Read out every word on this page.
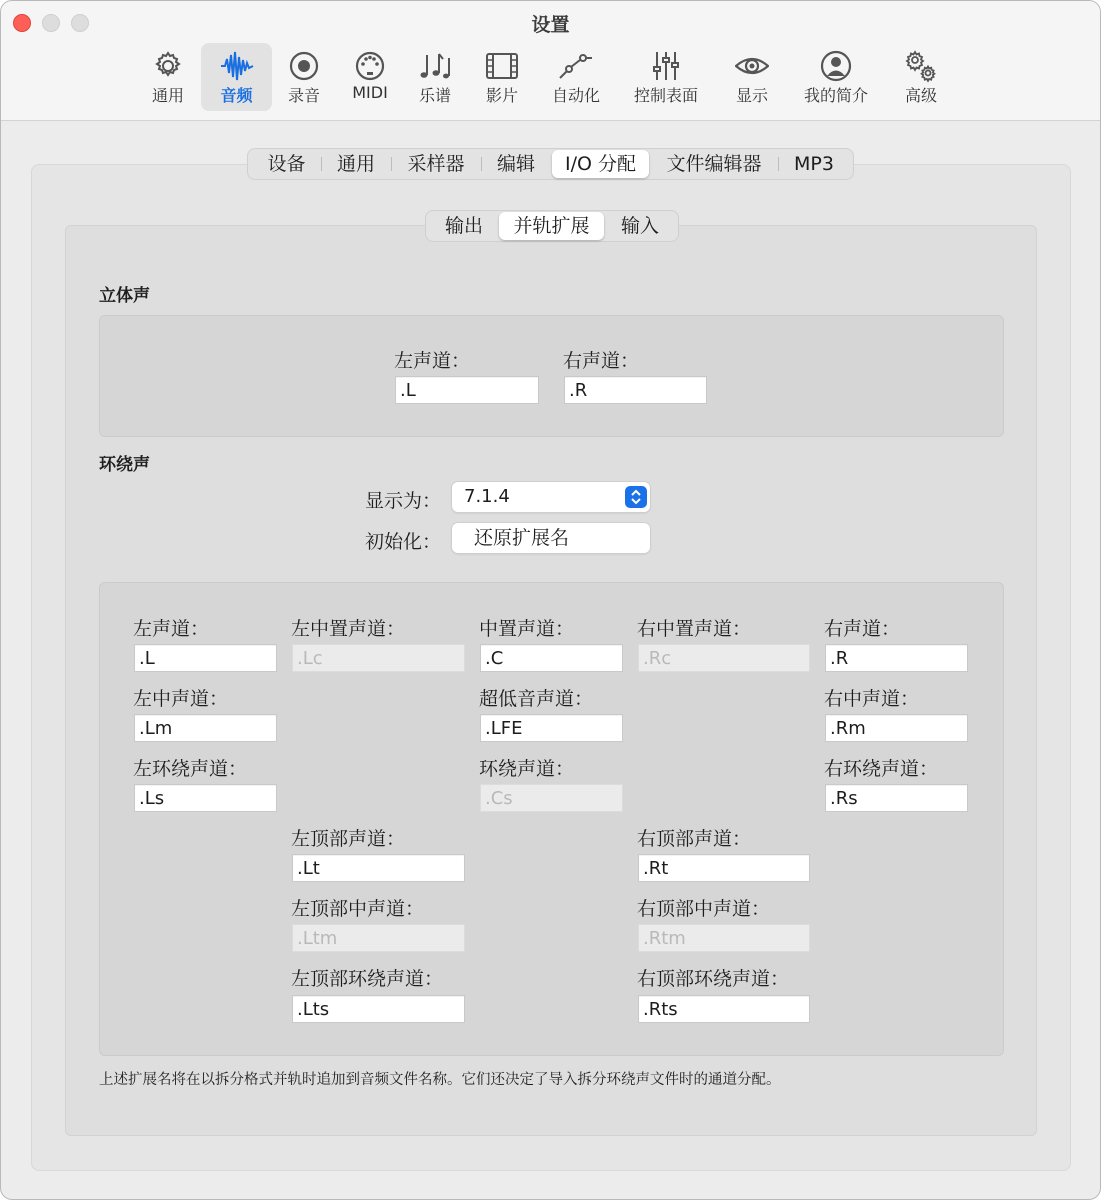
设置
通用	音频	录音	MIDI	乐谱	影片	自动化	控制表面	显示	我的简介	高级
设备	通用	采样器	编辑	I/O 分配	文件编辑器	MP3
输出	并轨扩展	输入
立体声
左声道：
.L
右声道：
.R
环绕声
显示为： 7.1.4
初始化： 还原扩展名
左声道：
.L
左中置声道：
.Lc
中置声道：
.C
右中置声道：
.Rc
右声道：
.R
左中声道：
.Lm
超低音声道：
.LFE
右中声道：
.Rm
左环绕声道：
.Ls
环绕声道：
.Cs
右环绕声道：
.Rs
左顶部声道：
.Lt
右顶部声道：
.Rt
左顶部中声道：
.Ltm
右顶部中声道：
.Rtm
左顶部环绕声道：
.Lts
右顶部环绕声道：
.Rts
上述扩展名将在以拆分格式并轨时追加到音频文件名称。它们还决定了导入拆分环绕声文件时的通道分配。
